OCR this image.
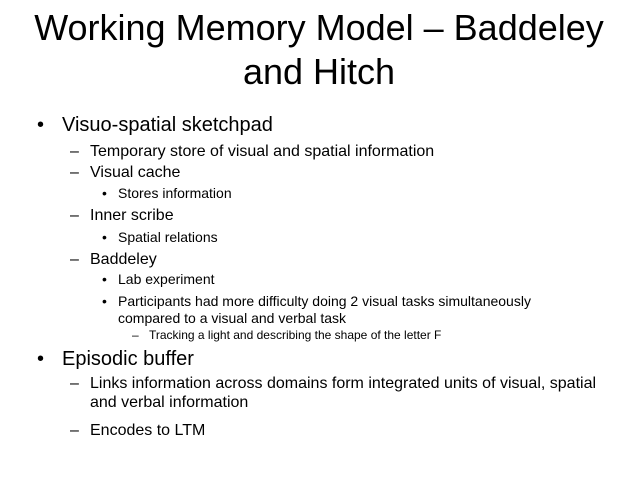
Working Memory Model – Baddeley and Hitch
• Visuo-spatial sketchpad
– Temporary store of visual and spatial information
– Visual cache
• Stores information
– Inner scribe
• Spatial relations
– Baddeley
• Lab experiment
• Participants had more difficulty doing 2 visual tasks simultaneously
compared to a visual and verbal task
– Tracking a light and describing the shape of the letter F
• Episodic buffer
– Links information across domains form integrated units of visual, spatial
and verbal information
– Encodes to LTM
